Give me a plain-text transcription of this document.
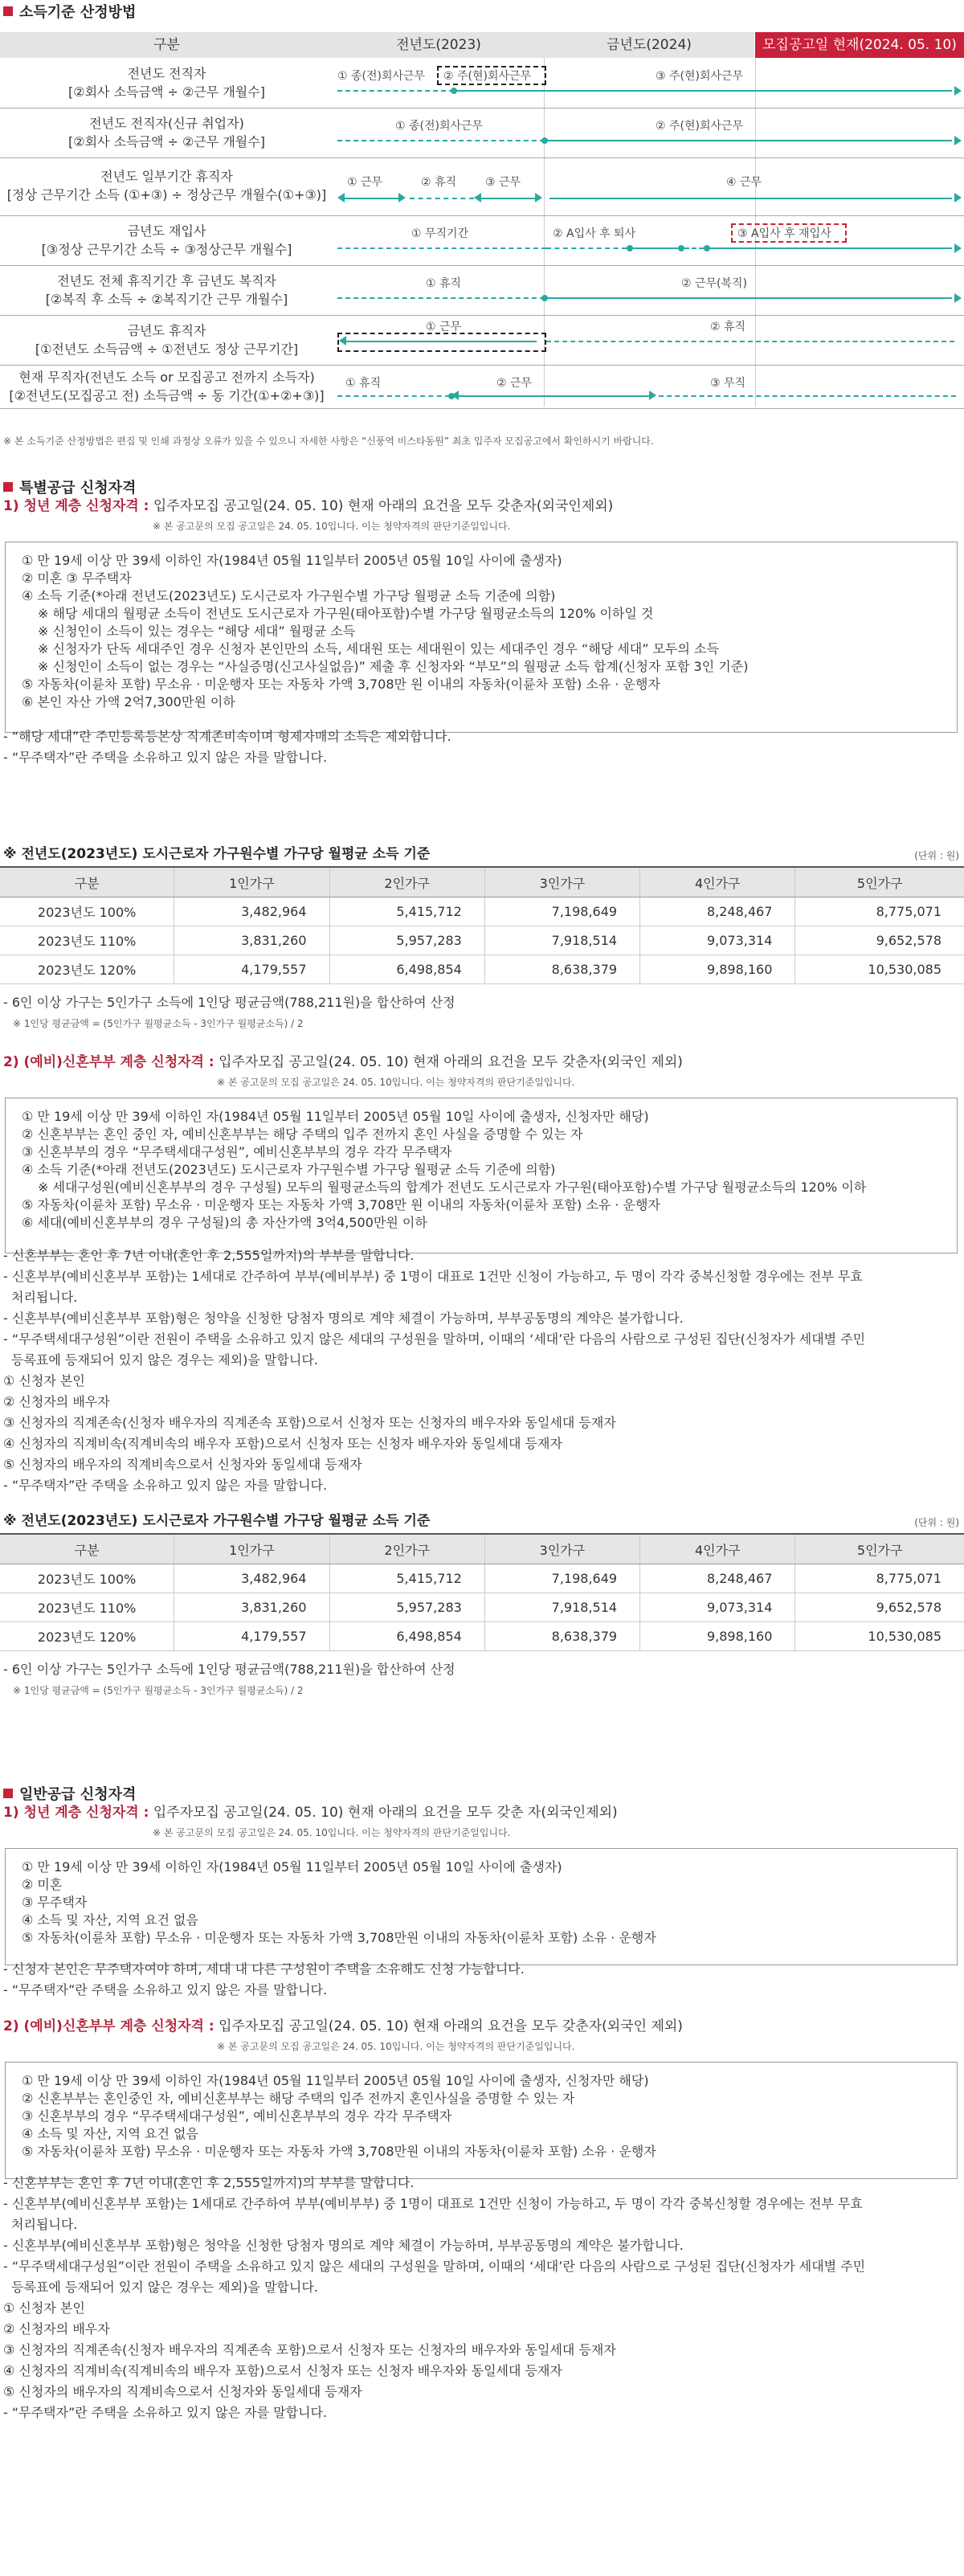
소득기준 산정방법
구분	전년도(2023)	금년도(2024)	모집공고일 현재(2024. 05. 10)
전년도 전직자
[②회사 소득금액 ÷ ②근무 개월수]
① 종(전)회사근무 ② 주(현)회사근무	③ 주(현)회사근무
전년도 전직자(신규 취업자)
[②회사 소득금액 ÷ ②근무 개월수]
① 종(전)회사근무	② 주(현)회사근무
전년도 일부기간 휴직자
[정상 근무기간 소득 (①+③) ÷ 정상근무 개월수(①+③)]
① 근무	② 휴직	③ 근무	④ 근무
금년도 재입사
[③정상 근무기간 소득 ÷ ③정상근무 개월수]
① 무직기간	② A입사 후 퇴사	③ A입사 후 재입사
전년도 전체 휴직기간 후 금년도 복직자
[②복직 후 소득 ÷ ②복직기간 근무 개월수]
① 휴직	② 근무(복직)
금년도 휴직자
[①전년도 소득금액 ÷ ①전년도 정상 근무기간]
① 근무	② 휴직
현재 무직자(전년도 소득 or 모집공고 전까지 소득자)
[②전년도(모집공고 전) 소득금액 ÷ 동 기간(①+②+③)]
① 휴직	② 근무	③ 무직
※ 본 소득기준 산정방법은 편집 및 인쇄 과정상 오류가 있을 수 있으니 자세한 사항은 “신풍역 비스타동원” 최초 입주자 모집공고에서 확인하시기 바랍니다.
특별공급 신청자격
1) 청년 계층 신청자격 : 입주자모집 공고일(24. 05. 10) 현재 아래의 요건을 모두 갖춘자(외국인제외)
※ 본 공고문의 모집 공고일은 24. 05. 10입니다. 이는 청약자격의 판단기준일입니다.
① 만 19세 이상 만 39세 이하인 자(1984년 05월 11일부터 2005년 05월 10일 사이에 출생자)
② 미혼 ③ 무주택자
④ 소득 기준(*아래 전년도(2023년도) 도시근로자 가구원수별 가구당 월평균 소득 기준에 의함)
※ 해당 세대의 월평균 소득이 전년도 도시근로자 가구원(태아포함)수별 가구당 월평균소득의 120% 이하일 것
※ 신청인이 소득이 있는 경우는 “해당 세대” 월평균 소득
※ 신청자가 단독 세대주인 경우 신청자 본인만의 소득, 세대원 또는 세대원이 있는 세대주인 경우 “해당 세대” 모두의 소득
※ 신청인이 소득이 없는 경우는 “사실증명(신고사실없음)” 제출 후 신청자와 “부모”의 월평균 소득 합계(신청자 포함 3인 기준)
⑤ 자동차(이륜차 포함) 무소유 · 미운행자 또는 자동차 가액 3,708만 원 이내의 자동차(이륜차 포함) 소유 · 운행자
⑥ 본인 자산 가액 2억7,300만원 이하
- “해당 세대”란 주민등록등본상 직계존비속이며 형제자매의 소득은 제외합니다.
- “무주택자”란 주택을 소유하고 있지 않은 자를 말합니다.
※ 전년도(2023년도) 도시근로자 가구원수별 가구당 월평균 소득 기준	(단위 : 원)
구분	1인가구	2인가구	3인가구	4인가구	5인가구
2023년도 100%	3,482,964	5,415,712	7,198,649	8,248,467	8,775,071
2023년도 110%	3,831,260	5,957,283	7,918,514	9,073,314	9,652,578
2023년도 120%	4,179,557	6,498,854	8,638,379	9,898,160	10,530,085
- 6인 이상 가구는 5인가구 소득에 1인당 평균금액(788,211원)을 합산하여 산정
※ 1인당 평균금액 = (5인가구 월평균소득 - 3인가구 월평균소득) / 2
2) (예비)신혼부부 계층 신청자격 : 입주자모집 공고일(24. 05. 10) 현재 아래의 요건을 모두 갖춘자(외국인 제외)
※ 본 공고문의 모집 공고일은 24. 05. 10입니다. 이는 청약자격의 판단기준일입니다.
① 만 19세 이상 만 39세 이하인 자(1984년 05월 11일부터 2005년 05월 10일 사이에 출생자, 신청자만 해당)
② 신혼부부는 혼인 중인 자, 예비신혼부부는 해당 주택의 입주 전까지 혼인 사실을 증명할 수 있는 자
③ 신혼부부의 경우 “무주택세대구성원”, 예비신혼부부의 경우 각각 무주택자
④ 소득 기준(*아래 전년도(2023년도) 도시근로자 가구원수별 가구당 월평균 소득 기준에 의함)
※ 세대구성원(예비신혼부부의 경우 구성될) 모두의 월평균소득의 합계가 전년도 도시근로자 가구원(태아포함)수별 가구당 월평균소득의 120% 이하
⑤ 자동차(이륜차 포함) 무소유 · 미운행자 또는 자동차 가액 3,708만 원 이내의 자동차(이륜차 포함) 소유 · 운행자
⑥ 세대(예비신혼부부의 경우 구성될)의 총 자산가액 3억4,500만원 이하
- 신혼부부는 혼인 후 7년 이내(혼인 후 2,555일까지)의 부부를 말합니다.
- 신혼부부(예비신혼부부 포함)는 1세대로 간주하여 부부(예비부부) 중 1명이 대표로 1건만 신청이 가능하고, 두 명이 각각 중복신청할 경우에는 전부 무효
처리됩니다.
- 신혼부부(예비신혼부부 포함)형은 청약을 신청한 당첨자 명의로 계약 체결이 가능하며, 부부공동명의 계약은 불가합니다.
- “무주택세대구성원”이란 전원이 주택을 소유하고 있지 않은 세대의 구성원을 말하며, 이때의 ‘세대’란 다음의 사람으로 구성된 집단(신청자가 세대별 주민
등록표에 등재되어 있지 않은 경우는 제외)을 말합니다.
① 신청자 본인
② 신청자의 배우자
③ 신청자의 직계존속(신청자 배우자의 직계존속 포함)으로서 신청자 또는 신청자의 배우자와 동일세대 등재자
④ 신청자의 직계비속(직계비속의 배우자 포함)으로서 신청자 또는 신청자 배우자와 동일세대 등재자
⑤ 신청자의 배우자의 직계비속으로서 신청자와 동일세대 등재자
- “무주택자”란 주택을 소유하고 있지 않은 자를 말합니다.
※ 전년도(2023년도) 도시근로자 가구원수별 가구당 월평균 소득 기준	(단위 : 원)
구분	1인가구	2인가구	3인가구	4인가구	5인가구
2023년도 100%	3,482,964	5,415,712	7,198,649	8,248,467	8,775,071
2023년도 110%	3,831,260	5,957,283	7,918,514	9,073,314	9,652,578
2023년도 120%	4,179,557	6,498,854	8,638,379	9,898,160	10,530,085
- 6인 이상 가구는 5인가구 소득에 1인당 평균금액(788,211원)을 합산하여 산정
※ 1인당 평균금액 = (5인가구 월평균소득 - 3인가구 월평균소득) / 2
일반공급 신청자격
1) 청년 계층 신청자격 : 입주자모집 공고일(24. 05. 10) 현재 아래의 요건을 모두 갖춘 자(외국인제외)
※ 본 공고문의 모집 공고일은 24. 05. 10입니다. 이는 청약자격의 판단기준일입니다.
① 만 19세 이상 만 39세 이하인 자(1984년 05월 11일부터 2005년 05월 10일 사이에 출생자)
② 미혼
③ 무주택자
④ 소득 및 자산, 지역 요건 없음
⑤ 자동차(이륜차 포함) 무소유 · 미운행자 또는 자동차 가액 3,708만원 이내의 자동차(이륜차 포함) 소유 · 운행자
- 신청자 본인은 무주택자여야 하며, 세대 내 다른 구성원이 주택을 소유해도 신청 가능합니다.
- “무주택자”란 주택을 소유하고 있지 않은 자를 말합니다.
2) (예비)신혼부부 계층 신청자격 : 입주자모집 공고일(24. 05. 10) 현재 아래의 요건을 모두 갖춘자(외국인 제외)
※ 본 공고문의 모집 공고일은 24. 05. 10입니다. 이는 청약자격의 판단기준일입니다.
① 만 19세 이상 만 39세 이하인 자(1984년 05월 11일부터 2005년 05월 10일 사이에 출생자, 신청자만 해당)
② 신혼부부는 혼인중인 자, 예비신혼부부는 해당 주택의 입주 전까지 혼인사실을 증명할 수 있는 자
③ 신혼부부의 경우 “무주택세대구성원”, 예비신혼부부의 경우 각각 무주택자
④ 소득 및 자산, 지역 요건 없음
⑤ 자동차(이륜차 포함) 무소유 · 미운행자 또는 자동차 가액 3,708만원 이내의 자동차(이륜차 포함) 소유 · 운행자
- 신혼부부는 혼인 후 7년 이내(혼인 후 2,555일까지)의 부부를 말합니다.
- 신혼부부(예비신혼부부 포함)는 1세대로 간주하여 부부(예비부부) 중 1명이 대표로 1건만 신청이 가능하고, 두 명이 각각 중복신청할 경우에는 전부 무효
처리됩니다.
- 신혼부부(예비신혼부부 포함)형은 청약을 신청한 당첨자 명의로 계약 체결이 가능하며, 부부공동명의 계약은 불가합니다.
- “무주택세대구성원”이란 전원이 주택을 소유하고 있지 않은 세대의 구성원을 말하며, 이때의 ‘세대’란 다음의 사람으로 구성된 집단(신청자가 세대별 주민
등록표에 등재되어 있지 않은 경우는 제외)을 말합니다.
① 신청자 본인
② 신청자의 배우자
③ 신청자의 직계존속(신청자 배우자의 직계존속 포함)으로서 신청자 또는 신청자의 배우자와 동일세대 등재자
④ 신청자의 직계비속(직계비속의 배우자 포함)으로서 신청자 또는 신청자 배우자와 동일세대 등재자
⑤ 신청자의 배우자의 직계비속으로서 신청자와 동일세대 등재자
- “무주택자”란 주택을 소유하고 있지 않은 자를 말합니다.
